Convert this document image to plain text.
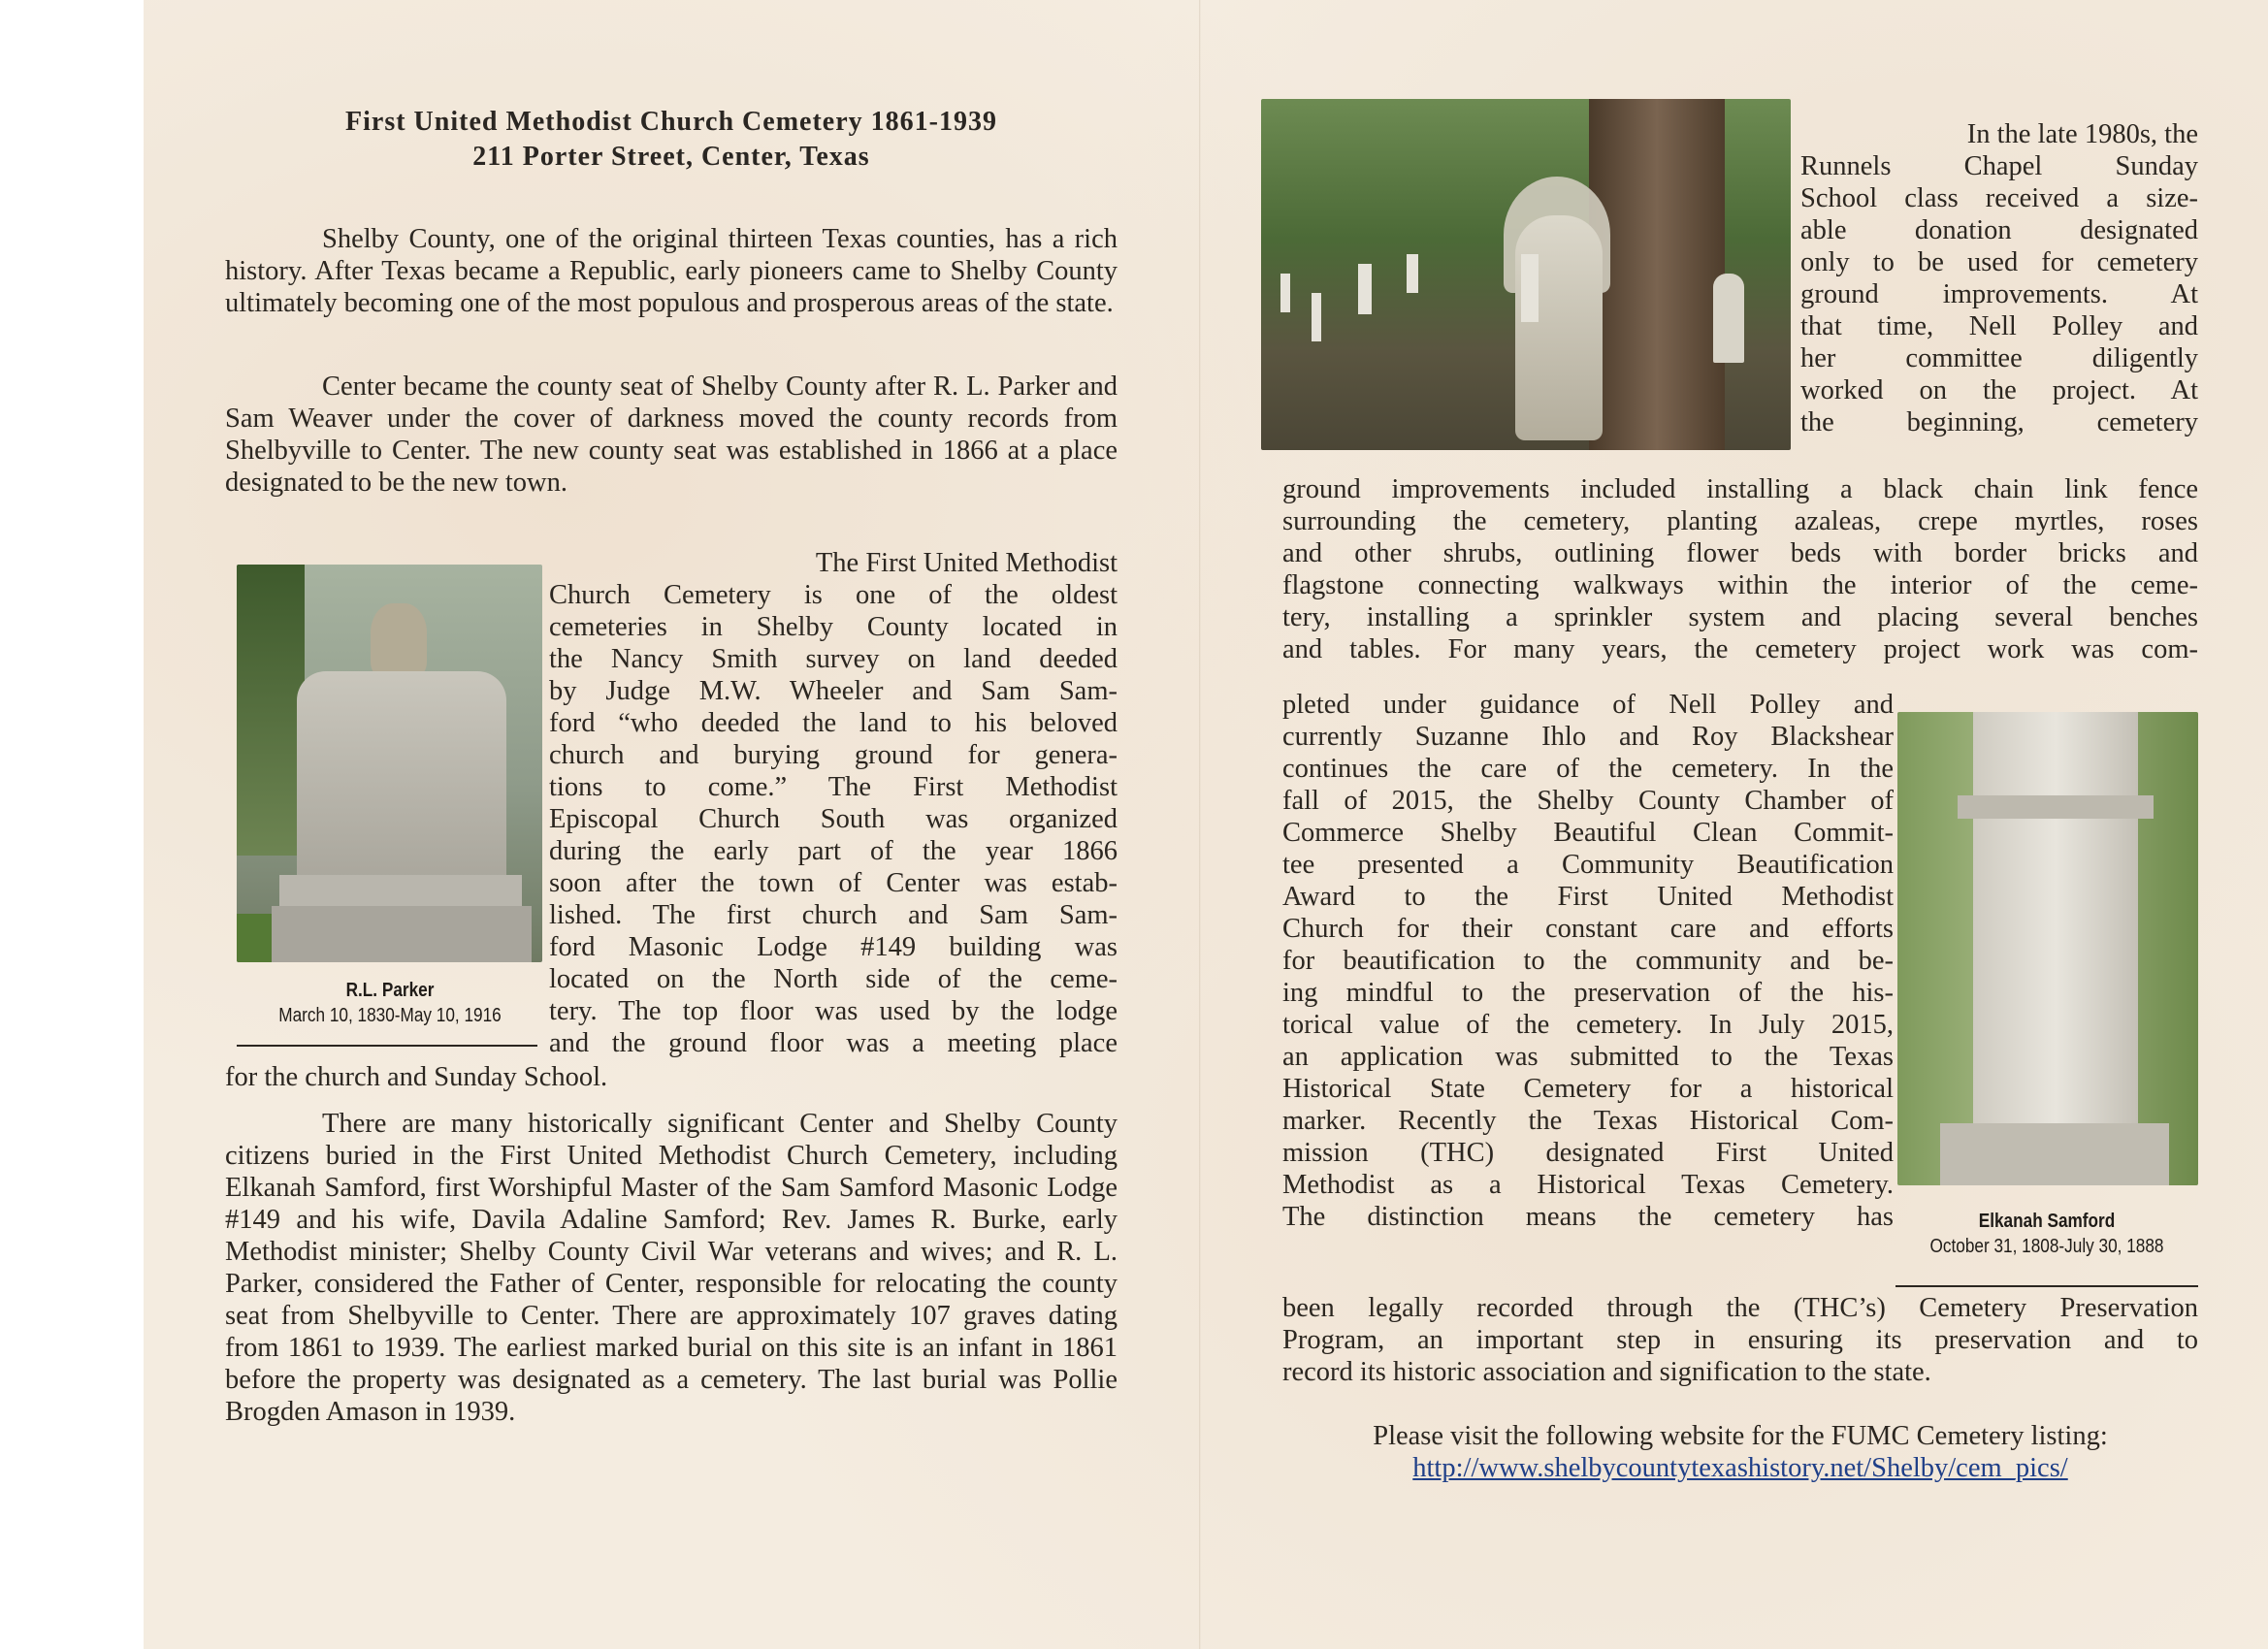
First United Methodist Church Cemetery 1861-1939
211 Porter Street, Center, Texas

Shelby County, one of the original thirteen Texas counties, has a rich history. After Texas became a Republic, early pioneers came to Shelby County ultimately becoming one of the most populous and prosperous areas of the state.

Center became the county seat of Shelby County after R. L. Parker and Sam Weaver under the cover of darkness moved the county records from Shelbyville to Center. The new county seat was established in 1866 at a place designated to be the new town.

R.L. Parker
March 10, 1830-May 10, 1916

The First United Methodist

Church Cemetery is one of the oldest

cemeteries in Shelby County located in

the Nancy Smith survey on land deeded

by Judge M.W. Wheeler and Sam Sam-

ford “who deeded the land to his beloved

church and burying ground for genera-

tions to come.” The First Methodist

Episcopal Church South was organized

during the early part of the year 1866

soon after the town of Center was estab-

lished. The first church and Sam Sam-

ford Masonic Lodge #149 building was

located on the North side of the ceme-

tery. The top floor was used by the lodge

and the ground floor was a meeting place

for the church and Sunday School.

There are many historically significant Center and Shelby County citizens buried in the First United Methodist Church Cemetery, including Elkanah Samford, first Worshipful Master of the Sam Samford Masonic Lodge #149 and his wife, Davila Adaline Samford; Rev. James R. Burke, early Methodist minister; Shelby County Civil War veterans and wives; and R. L. Parker, considered the Father of Center, responsible for relocating the county seat from Shelbyville to Center. There are approximately 107 graves dating from 1861 to 1939. The earliest marked burial on this site is an infant in 1861 before the property was designated as a cemetery. The last burial was Pollie Brogden Amason in 1939.

In the late 1980s, the

Runnels Chapel Sunday

School class received a size-

able donation designated

only to be used for cemetery

ground improvements. At

that time, Nell Polley and

her committee diligently

worked on the project. At

the beginning, cemetery

ground improvements included installing a black chain link fence

surrounding the cemetery, planting azaleas, crepe myrtles, roses

and other shrubs, outlining flower beds with border bricks and

flagstone connecting walkways within the interior of the ceme-

tery, installing a sprinkler system and placing several benches

and tables. For many years, the cemetery project work was com-

pleted under guidance of Nell Polley and

currently Suzanne Ihlo and Roy Blackshear

continues the care of the cemetery. In the

fall of 2015, the Shelby County Chamber of

Commerce Shelby Beautiful Clean Commit-

tee presented a Community Beautification

Award to the First United Methodist

Church for their constant care and efforts

for beautification to the community and be-

ing mindful to the preservation of the his-

torical value of the cemetery. In July 2015,

an application was submitted to the Texas

Historical State Cemetery for a historical

marker. Recently the Texas Historical Com-

mission (THC) designated First United

Methodist as a Historical Texas Cemetery.

The distinction means the cemetery has	Elkanah Samford
October 31, 1808-July 30, 1888

been legally recorded through the (THC’s) Cemetery Preservation

Program, an important step in ensuring its preservation and to

record its historic association and signification to the state.

Please visit the following website for the FUMC Cemetery listing:

http://www.shelbycountytexashistory.net/Shelby/cem_pics/
